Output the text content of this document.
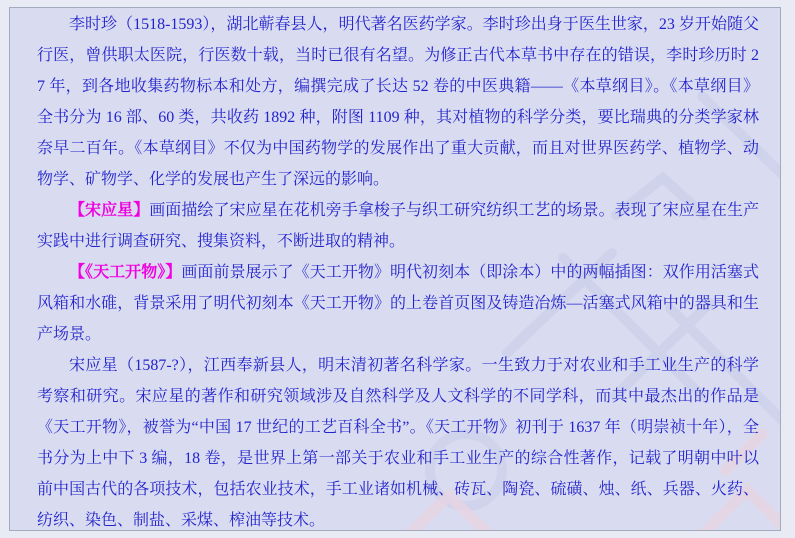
李时珍（1518-1593），湖北蕲春县人，明代著名医药学家。李时珍出身于医生世家，23 岁开始随父行医，曾供职太医院，行医数十载，当时已很有名望。为修正古代本草书中存在的错误，李时珍历时 27 年，到各地收集药物标本和处方，编撰完成了长达 52 卷的中医典籍——《本草纲目》。《本草纲目》全书分为 16 部、60 类，共收药 1892 种，附图 1109 种，其对植物的科学分类，要比瑞典的分类学家林奈早二百年。《本草纲目》不仅为中国药物学的发展作出了重大贡献，而且对世界医药学、植物学、动物学、矿物学、化学的发展也产生了深远的影响。

【宋应星】画面描绘了宋应星在花机旁手拿梭子与织工研究纺织工艺的场景。表现了宋应星在生产实践中进行调查研究、搜集资料，不断进取的精神。

【《天工开物》】画面前景展示了《天工开物》明代初刻本（即涂本）中的两幅插图：双作用活塞式风箱和水碓，背景采用了明代初刻本《天工开物》的上卷首页图及铸造冶炼—活塞式风箱中的器具和生产场景。

宋应星（1587-?），江西奉新县人，明末清初著名科学家。一生致力于对农业和手工业生产的科学考察和研究。宋应星的著作和研究领域涉及自然科学及人文科学的不同学科，而其中最杰出的作品是《天工开物》，被誉为“中国 17 世纪的工艺百科全书”。《天工开物》初刊于 1637 年（明崇祯十年），全书分为上中下 3 编，18 卷，是世界上第一部关于农业和手工业生产的综合性著作，记载了明朝中叶以前中国古代的各项技术，包括农业技术，手工业诸如机械、砖瓦、陶瓷、硫磺、烛、纸、兵器、火药、纺织、染色、制盐、采煤、榨油等技术。
